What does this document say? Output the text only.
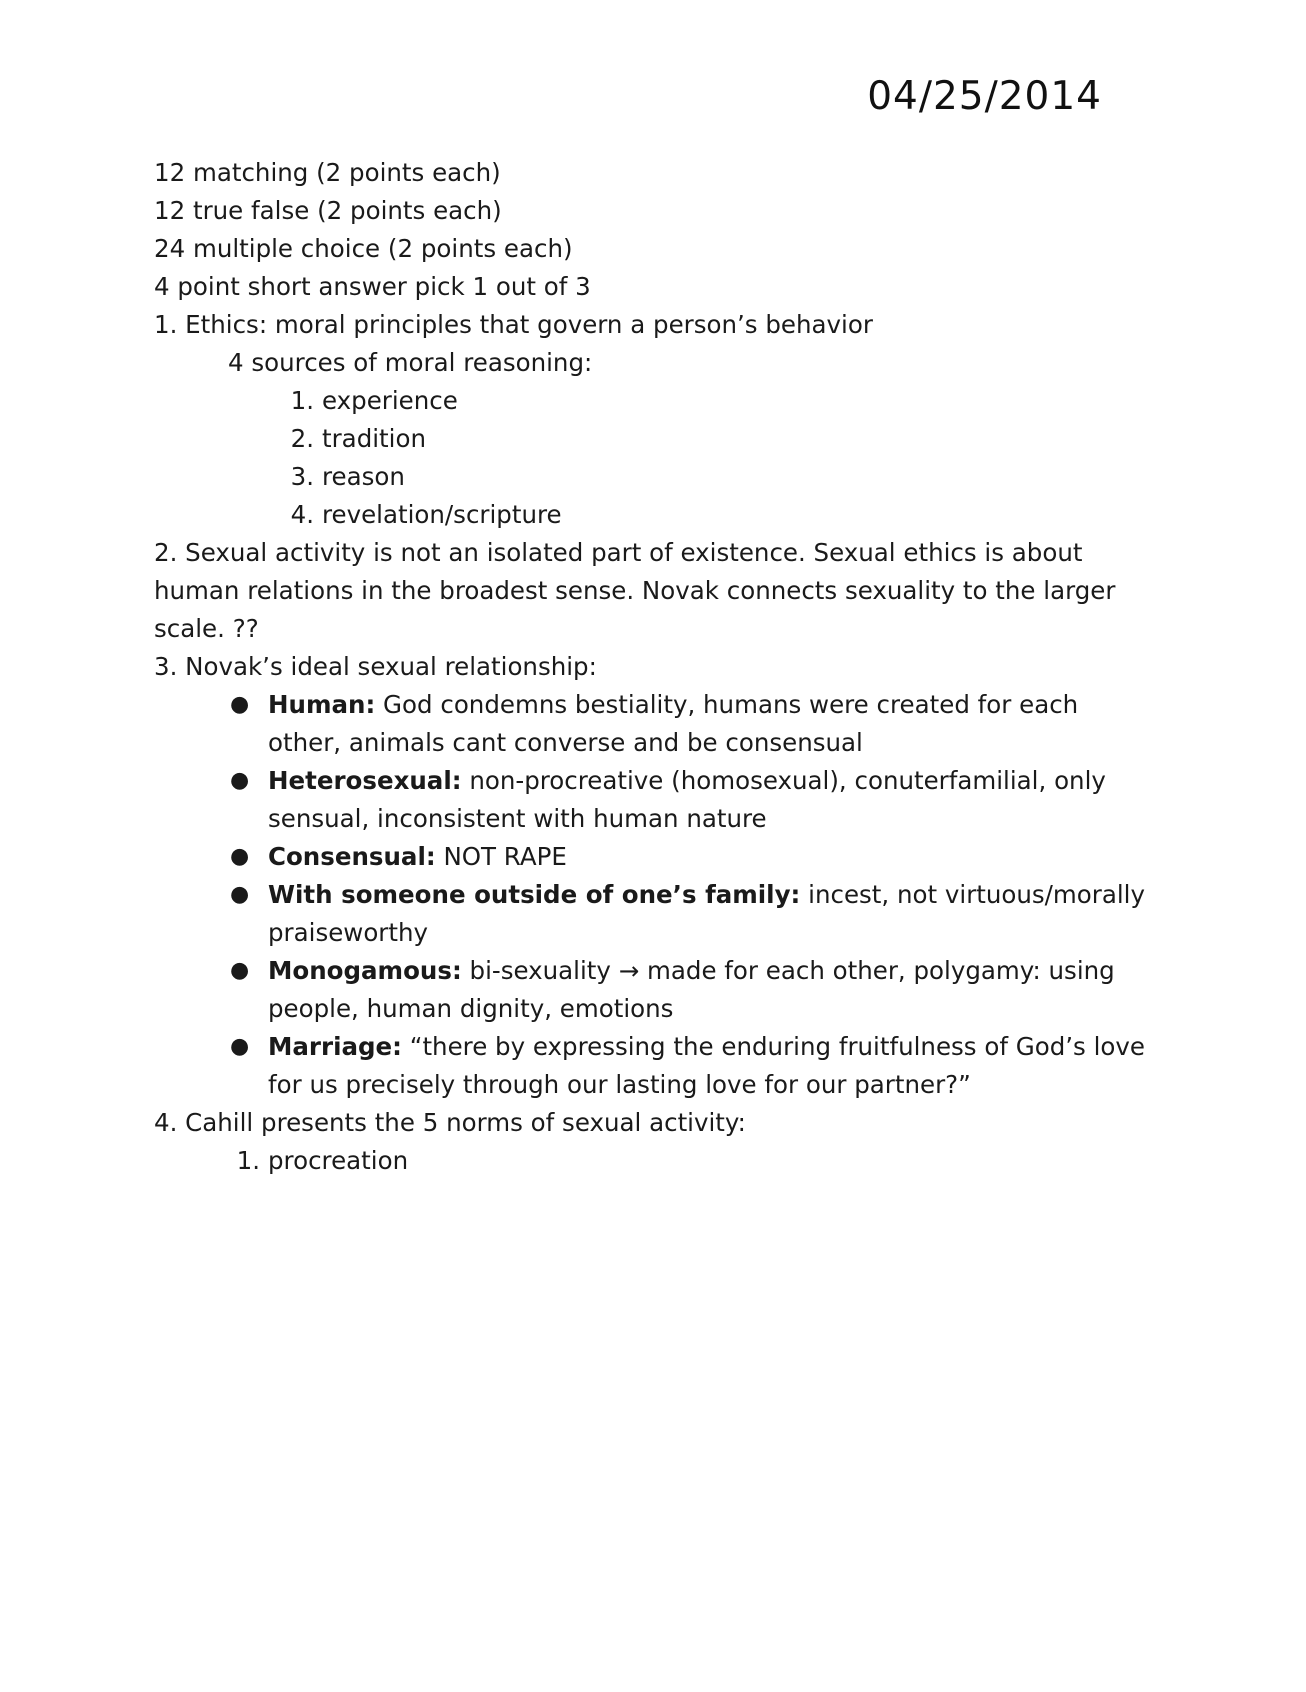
04/25/2014

12 matching (2 points each)

12 true false (2 points each)

24 multiple choice (2 points each)

4 point short answer pick 1 out of 3

1. Ethics: moral principles that govern a person’s behavior

4 sources of moral reasoning:

1. experience
2. tradition
3. reason
4. revelation/scripture

2. Sexual activity is not an isolated part of existence. Sexual ethics is about human relations in the broadest sense. Novak connects sexuality to the larger scale. ??

3. Novak’s ideal sexual relationship:

● Human: God condemns bestiality, humans were created for each other, animals cant converse and be consensual
● Heterosexual: non-procreative (homosexual), conuterfamilial, only sensual, inconsistent with human nature
● Consensual: NOT RAPE
● With someone outside of one’s family: incest, not virtuous/morally praiseworthy
● Monogamous: bi-sexuality → made for each other, polygamy: using people, human dignity, emotions
● Marriage: “there by expressing the enduring fruitfulness of God’s love for us precisely through our lasting love for our partner?”

4. Cahill presents the 5 norms of sexual activity:

1. procreation
